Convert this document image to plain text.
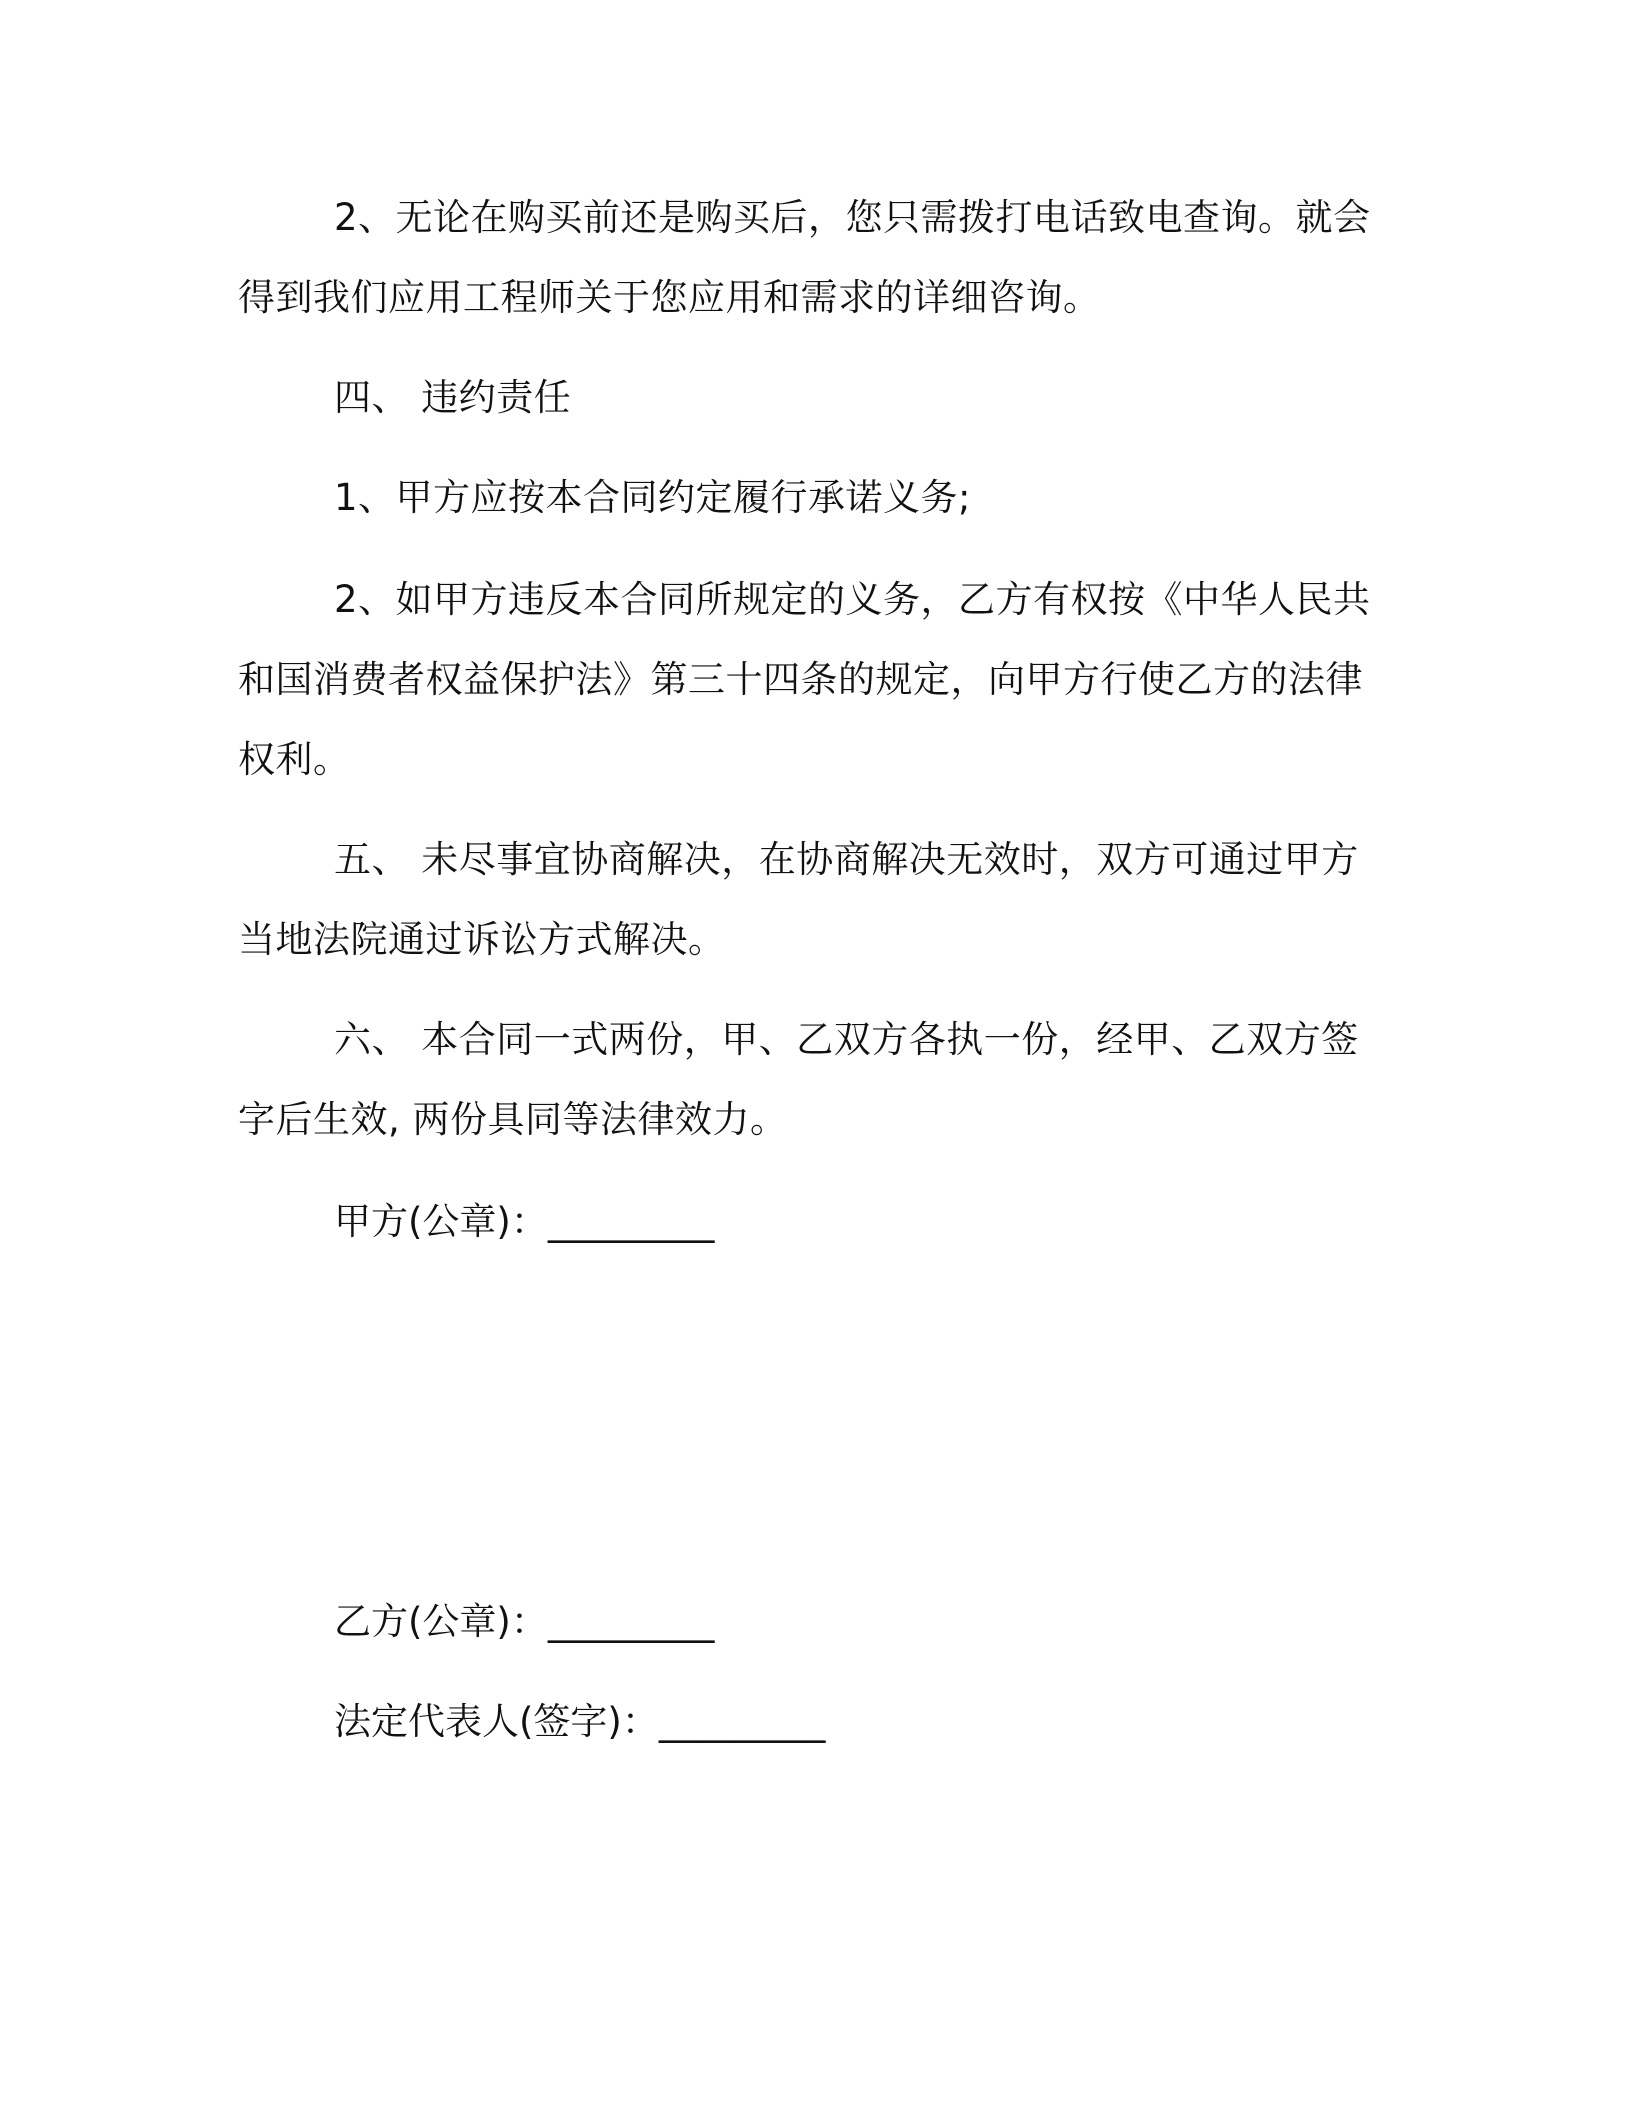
2、无论在购买前还是购买后，您只需拨打电话致电查询。就会得到我们应用工程师关于您应用和需求的详细咨询。

四、 违约责任

1、甲方应按本合同约定履行承诺义务;

2、如甲方违反本合同所规定的义务，乙方有权按《中华人民共和国消费者权益保护法》第三十四条的规定，向甲方行使乙方的法律权利。

五、 未尽事宜协商解决，在协商解决无效时，双方可通过甲方当地法院通过诉讼方式解决。

六、 本合同一式两份，甲、乙双方各执一份，经甲、乙双方签字后生效, 两份具同等法律效力。

甲方(公章)：_________

乙方(公章)：_________

法定代表人(签字)：_________
